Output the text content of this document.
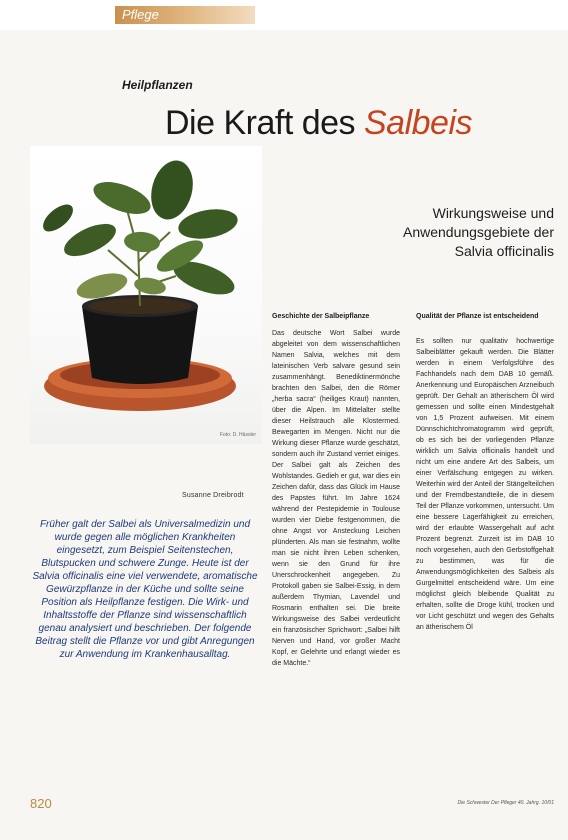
Pflege
Heilpflanzen
Die Kraft des Salbeis
Wirkungsweise und Anwendungsgebiete der Salvia officinalis
Foto: D. Hässler
Susanne Dreibrodt
Früher galt der Salbei als Universalmedizin und wurde gegen alle möglichen Krankheiten eingesetzt, zum Beispiel Seitenstechen, Blutspucken und schwere Zunge. Heute ist der Salvia officinalis eine viel verwendete, aromatische Gewürzpflanze in der Küche und sollte seine Position als Heilpflanze festigen. Die Wirk- und Inhaltsstoffe der Pflanze sind wissenschaftlich genau analysiert und beschrieben. Der folgende Beitrag stellt die Pflanze vor und gibt Anregungen zur Anwendung im Krankenhausalltag.
Geschichte der Salbeipflanze
Das deutsche Wort Salbei wurde abgeleitet von dem wissenschaftlichen Namen Salvia, welches mit dem lateinischen Verb salvare gesund sein zusammenhängt. Benediktinermönche brachten den Salbei, den die Römer „herba sacra“ (heiliges Kraut) nannten, über die Alpen. Im Mittelalter stellte dieser Heilstrauch alle Klostermed. Bewegarten im Mengen. Nicht nur die Wirkung dieser Pflanze wurde geschätzt, sondern auch ihr Zustand verriet einiges. Der Salbei galt als Zeichen des Wohlstandes. Gedieh er gut, war dies ein Zeichen dafür, dass das Glück im Hause des Papstes führt. Im Jahre 1624 während der Pestepidemie in Toulouse wurden vier Diebe festgenommen, die ohne Angst vor Ansteckung Leichen plünderten. Als man sie festnahm, wollte man sie nicht ihren Leben schenken, wenn sie den Grund für ihre Unerschrockenheit angegeben. Zu Protokoll gaben sie Salbei-Essig, in dem außerdem Thymian, Lavendel und Rosmarin enthalten sei. Die breite Wirkungsweise des Salbei verdeutlicht ein französischer Sprichwort: „Salbei hilft Nerven und Hand, vor großer Macht Kopf, er Gelehrte und erlangt wieder es die Mächte.“
Qualität der Pflanze ist entscheidend
Es sollten nur qualitativ hochwertige Salbeiblätter gekauft werden. Die Blätter werden in einem Verfolgsführe des Fachhandels nach dem DAB 10 gemäß. Anerkennung und Europäischen Arzneibuch geprüft. Der Gehalt an ätherischem Öl wird gemessen und sollte einen Mindestgehalt von 1,5 Prozent aufweisen. Mit einem Dünnschichtchromatogramm wird geprüft, ob es sich bei der vorliegenden Pflanze wirklich um Salvia officinalis handelt und nicht um eine andere Art des Salbeis, um einer Verfälschung entgegen zu wirken. Weiterhin wird der Anteil der Stängelteilchen und der Fremdbestandteile, die in diesem Teil der Pflanze vorkommen, untersucht. Um eine bessere Lagerfähigkeit zu erreichen, wird der erlaubte Wassergehalt auf acht Prozent begrenzt. Zurzeit ist im DAB 10 noch vorgesehen, auch den Gerbstoffgehalt zu bestimmen, was für die Anwendungsmöglichkeiten des Salbeis als Gurgelmittel entscheidend wäre. Um eine möglichst gleich bleibende Qualität zu erhalten, sollte die Droge kühl, trocken und vor Licht geschützt und wegen des Gehalts an ätherischem Öl
820	Die Schwester Der Pfleger 40. Jahrg. 10/01
